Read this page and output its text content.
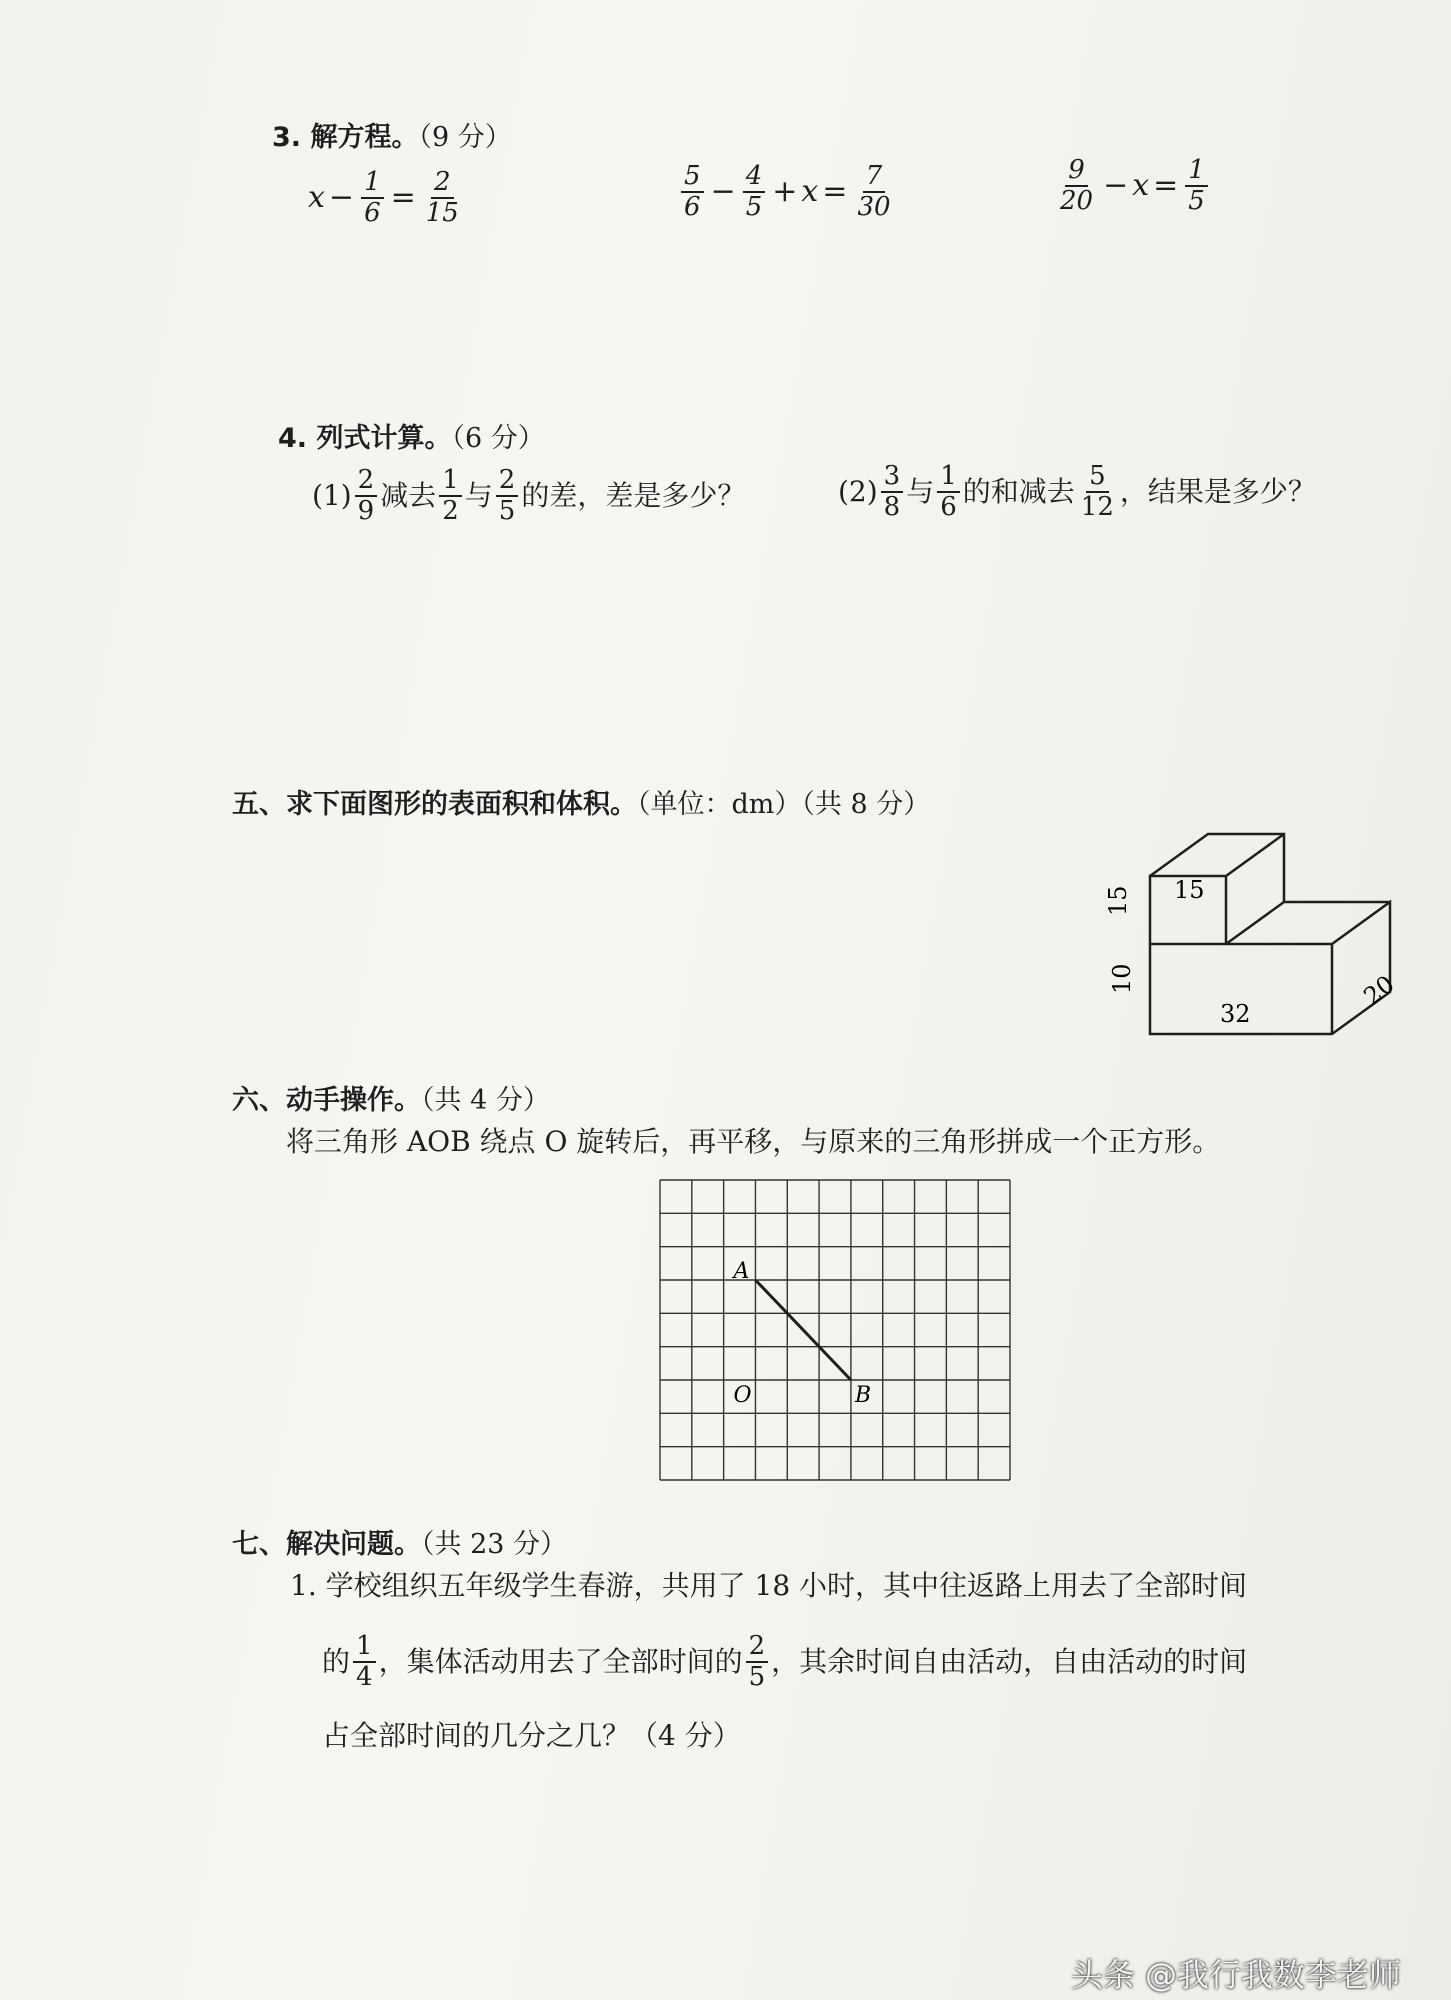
3. 解方程。（9 分）
$x - \frac{1}{6} = \frac{2}{15}$	$\frac{5}{6} - \frac{4}{5} + x = \frac{7}{30}$	$\frac{9}{20} - x = \frac{1}{5}$
4. 列式计算。（6 分）
$(1) \frac{2}{9}$ 减去 $\frac{1}{2}$ 与 $\frac{2}{5}$ 的差，差是多少？	$(2) \frac{3}{8}$ 与 $\frac{1}{6}$ 的和减去 $\frac{5}{12}$ ，结果是多少？
五、求下面图形的表面积和体积。（单位：dm）（共 8 分）
15
15
10
32
20
六、动手操作。（共 4 分）
将三角形 AOB 绕点 O 旋转后，再平移，与原来的三角形拼成一个正方形。
A
O	B
七、解决问题。（共 23 分）
1. 学校组织五年级学生春游，共用了 18 小时，其中往返路上用去了全部时间
的 $\frac{1}{4}$ ，集体活动用去了全部时间的 $\frac{2}{5}$ ，其余时间自由活动，自由活动的时间
占全部时间的几分之几？（4 分）
头条 @我行我数李老师
